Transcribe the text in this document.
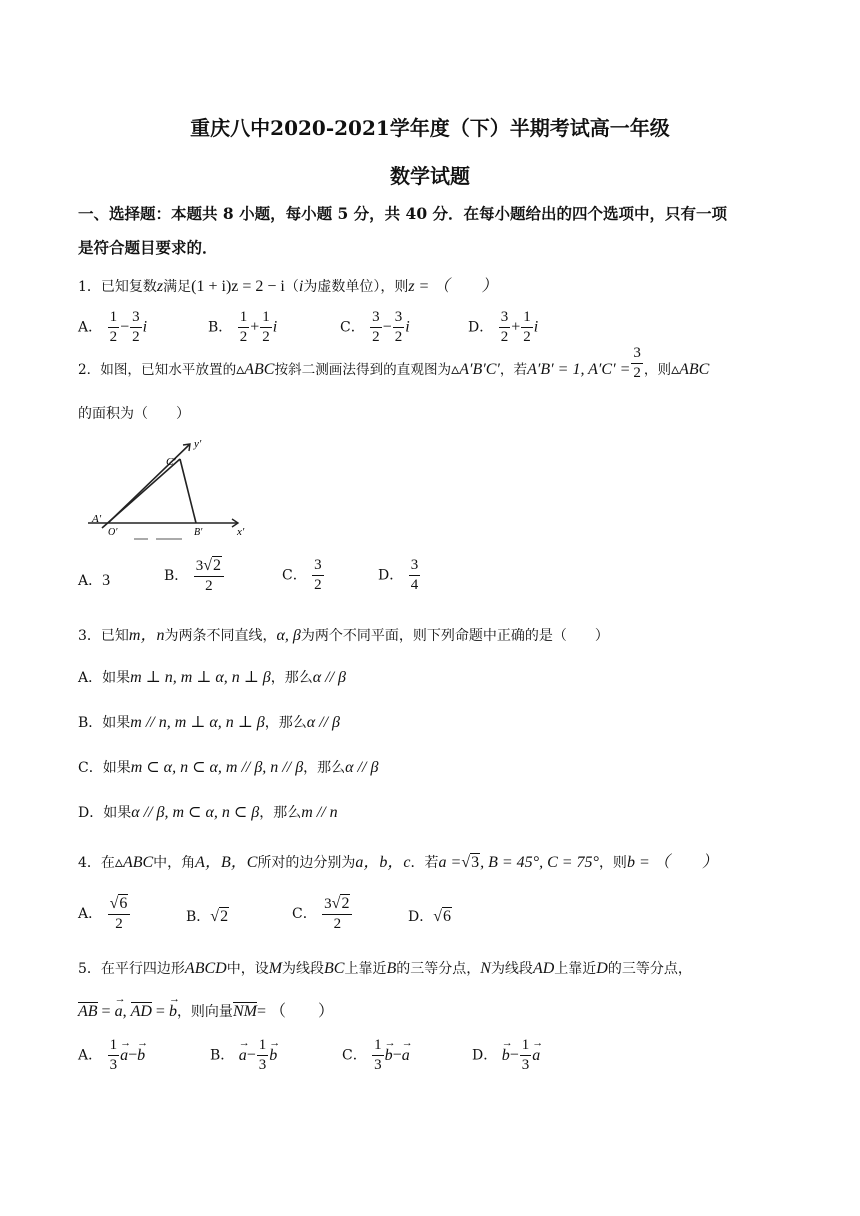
重庆八中2020-2021学年度（下）半期考试高一年级
数学试题
一、选择题：本题共 8 小题，每小题 5 分，共 40 分．在每小题给出的四个选项中，只有一项
是符合题目要求的．
1．已知复数z满足(1 + i)z = 2 − i（i为虚数单位），则z = （　　）
A． $\frac{1}{2} - \frac{3}{2}$ i	B． $\frac{1}{2} + \frac{1}{2}$ i	C． $\frac{3}{2} - \frac{3}{2}$ i	D． $\frac{3}{2} + \frac{1}{2}$ i
2．如图，已知水平放置的▵ABC按斜二测画法得到的直观图为▵A′B′C′，若A′B′ = 1, $A'C' = \frac{3}{2}$ ，则▵ABC
的面积为（　　）
C′
y′
A′
O′	B′	x′
A．3	B． $\frac{3√2}{2}$	C． $\frac{3}{2}$	D． $\frac{3}{4}$
3．已知m，n为两条不同直线，α, β为两个不同平面，则下列命题中正确的是（　　）
A．如果m ⊥ n, m ⊥ α, n ⊥ β，那么α // β
B．如果m // n, m ⊥ α, n ⊥ β，那么α // β
C．如果m ⊂ α, n ⊂ α, m // β, n // β，那么α // β
D．如果α // β, m ⊂ α, n ⊂ β，那么m // n
4．在▵ABC中，角A，B，C所对的边分别为a，b，c．若a =√3, B = 45°, C = 75°，则b = （　　）
A． $\frac{√6}{2}$	B．√2	C． $\frac{3√2}{2}$	D．√6
5．在平行四边形ABCD中，设M为线段BC上靠近B的三等分点，N为线段AD上靠近D的三等分点，
AB = → a, AD = → b，则向量NM= （　　）
A． $\frac{1}{3}$
→ a−→ b	B． → $a- \frac{1}{3}$
→ b	C． $\frac{1}{3}$
→ b−→ a	D． → $b- \frac{1}{3}$
→ a
